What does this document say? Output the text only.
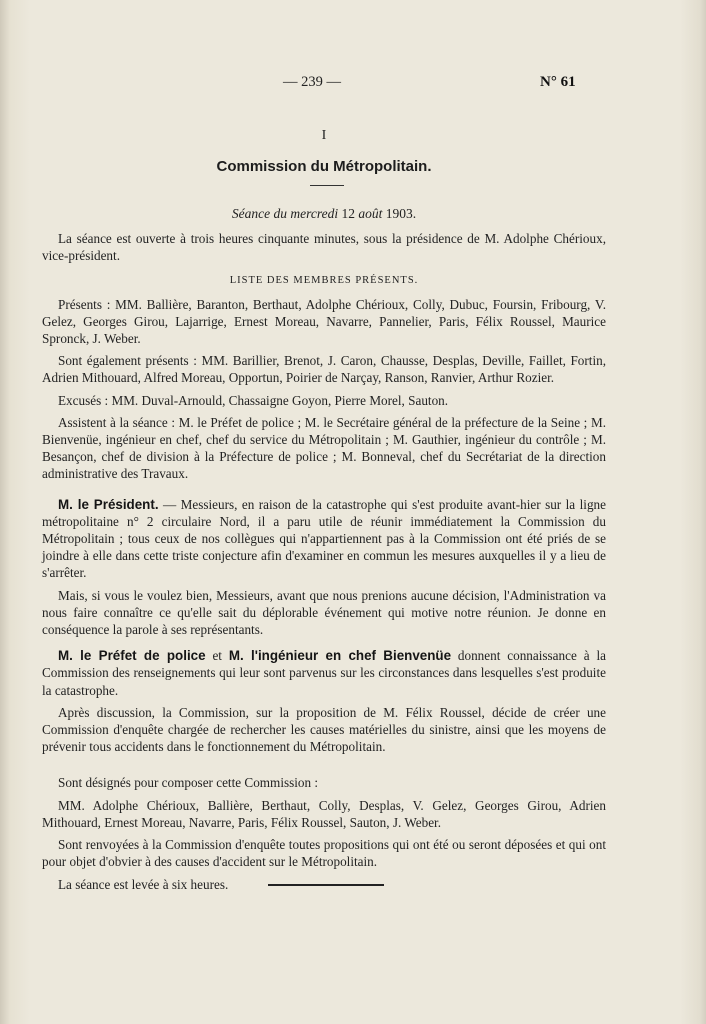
— 239 —	N° 61
I
Commission du Métropolitain.
Séance du mercredi 12 août 1903.

La séance est ouverte à trois heures cinquante minutes, sous la présidence de M. Adolphe Chérioux, vice-président.

LISTE DES MEMBRES PRÉSENTS.

Présents : MM. Ballière, Baranton, Berthaut, Adolphe Chérioux, Colly, Dubuc, Foursin, Fribourg, V. Gelez, Georges Girou, Lajarrige, Ernest Moreau, Navarre, Pannelier, Paris, Félix Roussel, Maurice Spronck, J. Weber.

Sont également présents : MM. Barillier, Brenot, J. Caron, Chausse, Desplas, Deville, Faillet, Fortin, Adrien Mithouard, Alfred Moreau, Opportun, Poirier de Narçay, Ranson, Ranvier, Arthur Rozier.

Excusés : MM. Duval-Arnould, Chassaigne Goyon, Pierre Morel, Sauton.

Assistent à la séance : M. le Préfet de police ; M. le Secrétaire général de la préfecture de la Seine ; M. Bienvenüe, ingénieur en chef, chef du service du Métropolitain ; M. Gauthier, ingénieur du contrôle ; M. Besançon, chef de division à la Préfecture de police ; M. Bonneval, chef du Secrétariat de la direction administrative des Travaux.

M. le Président. — Messieurs, en raison de la catastrophe qui s'est produite avant-hier sur la ligne métropolitaine n° 2 circulaire Nord, il a paru utile de réunir immédiatement la Commission du Métropolitain ; tous ceux de nos collègues qui n'appartiennent pas à la Commission ont été priés de se joindre à elle dans cette triste conjecture afin d'examiner en commun les mesures auxquelles il y a lieu de s'arrêter.

Mais, si vous le voulez bien, Messieurs, avant que nous prenions aucune décision, l'Administration va nous faire connaître ce qu'elle sait du déplorable événement qui motive notre réunion. Je donne en conséquence la parole à ses représentants.

M. le Préfet de police et M. l'ingénieur en chef Bienvenüe donnent connaissance à la Commission des renseignements qui leur sont parvenus sur les circonstances dans lesquelles s'est produite la catastrophe.

Après discussion, la Commission, sur la proposition de M. Félix Roussel, décide de créer une Commission d'enquête chargée de rechercher les causes matérielles du sinistre, ainsi que les moyens de prévenir tous accidents dans le fonctionnement du Métropolitain.

Sont désignés pour composer cette Commission :

MM. Adolphe Chérioux, Ballière, Berthaut, Colly, Desplas, V. Gelez, Georges Girou, Adrien Mithouard, Ernest Moreau, Navarre, Paris, Félix Roussel, Sauton, J. Weber.

Sont renvoyées à la Commission d'enquête toutes propositions qui ont été ou seront déposées et qui ont pour objet d'obvier à des causes d'accident sur le Métropolitain.

La séance est levée à six heures.
